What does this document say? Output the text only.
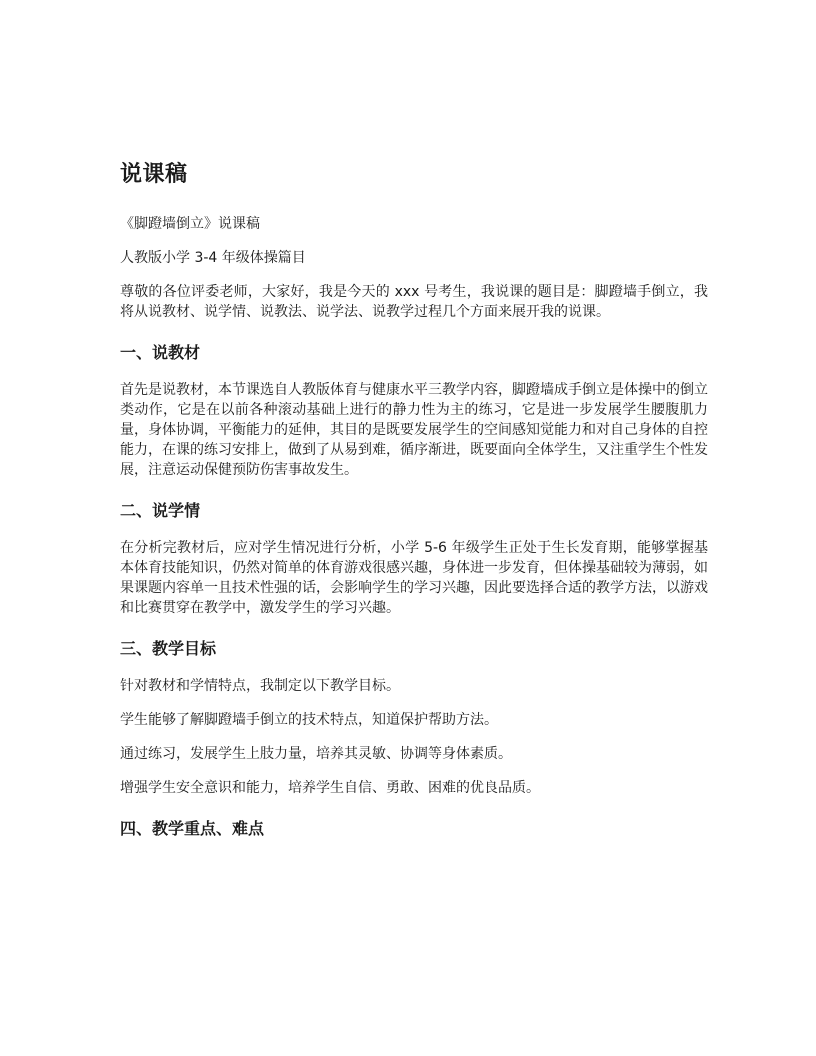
说课稿

《脚蹬墙倒立》说课稿

人教版小学 3-4 年级体操篇目

尊敬的各位评委老师，大家好，我是今天的 xxx 号考生，我说课的题目是：脚蹬墙手倒立，我将从说教材、说学情、说教法、说学法、说教学过程几个方面来展开我的说课。

一、说教材

首先是说教材，本节课选自人教版体育与健康水平三教学内容，脚蹬墙成手倒立是体操中的倒立类动作，它是在以前各种滚动基础上进行的静力性为主的练习，它是进一步发展学生腰腹肌力量，身体协调，平衡能力的延伸，其目的是既要发展学生的空间感知觉能力和对自己身体的自控能力，在课的练习安排上，做到了从易到难，循序渐进，既要面向全体学生，又注重学生个性发展，注意运动保健预防伤害事故发生。

二、说学情

在分析完教材后，应对学生情况进行分析，小学 5-6 年级学生正处于生长发育期，能够掌握基本体育技能知识，仍然对简单的体育游戏很感兴趣，身体进一步发育，但体操基础较为薄弱，如果课题内容单一且技术性强的话，会影响学生的学习兴趣，因此要选择合适的教学方法，以游戏和比赛贯穿在教学中，激发学生的学习兴趣。

三、教学目标

针对教材和学情特点，我制定以下教学目标。

学生能够了解脚蹬墙手倒立的技术特点，知道保护帮助方法。

通过练习，发展学生上肢力量，培养其灵敏、协调等身体素质。

增强学生安全意识和能力，培养学生自信、勇敢、困难的优良品质。

四、教学重点、难点
